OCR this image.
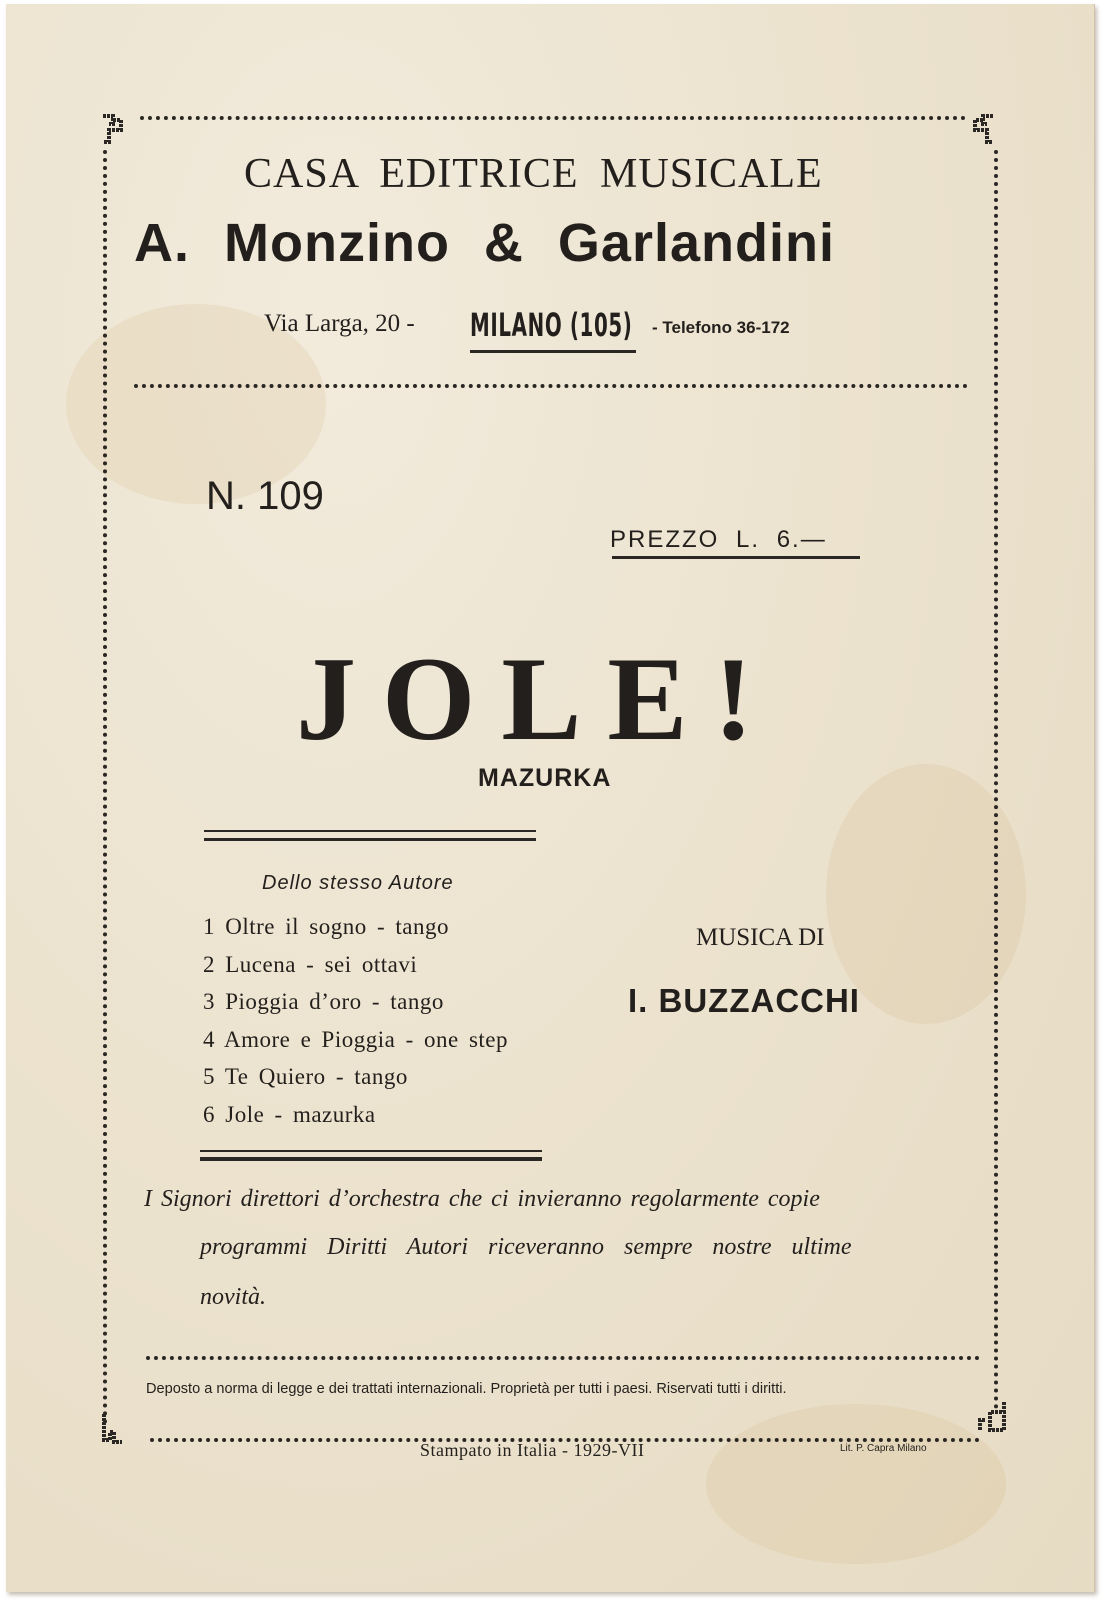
CASA EDITRICE MUSICALE
A. Monzino & Garlandini
Via Larga, 20 - MILANO (105) - Telefono 36-172
N. 109
PREZZO L. 6.—
JOLE!
MAZURKA
Dello stesso Autore
1 Oltre il sogno - tango
2 Lucena - sei ottavi
3 Pioggia d’oro - tango
4 Amore e Pioggia - one step
5 Te Quiero - tango
6 Jole - mazurka
MUSICA DI
I. BUZZACCHI
I Signori direttori d’orchestra che ci invieranno regolarmente copie
programmi Diritti Autori riceveranno sempre nostre ultime
novità.
Deposto a norma di legge e dei trattati internazionali. Proprietà per tutti i paesi. Riservati tutti i diritti.
Stampato in Italia - 1929-VII	Lit. P. Capra Milano
